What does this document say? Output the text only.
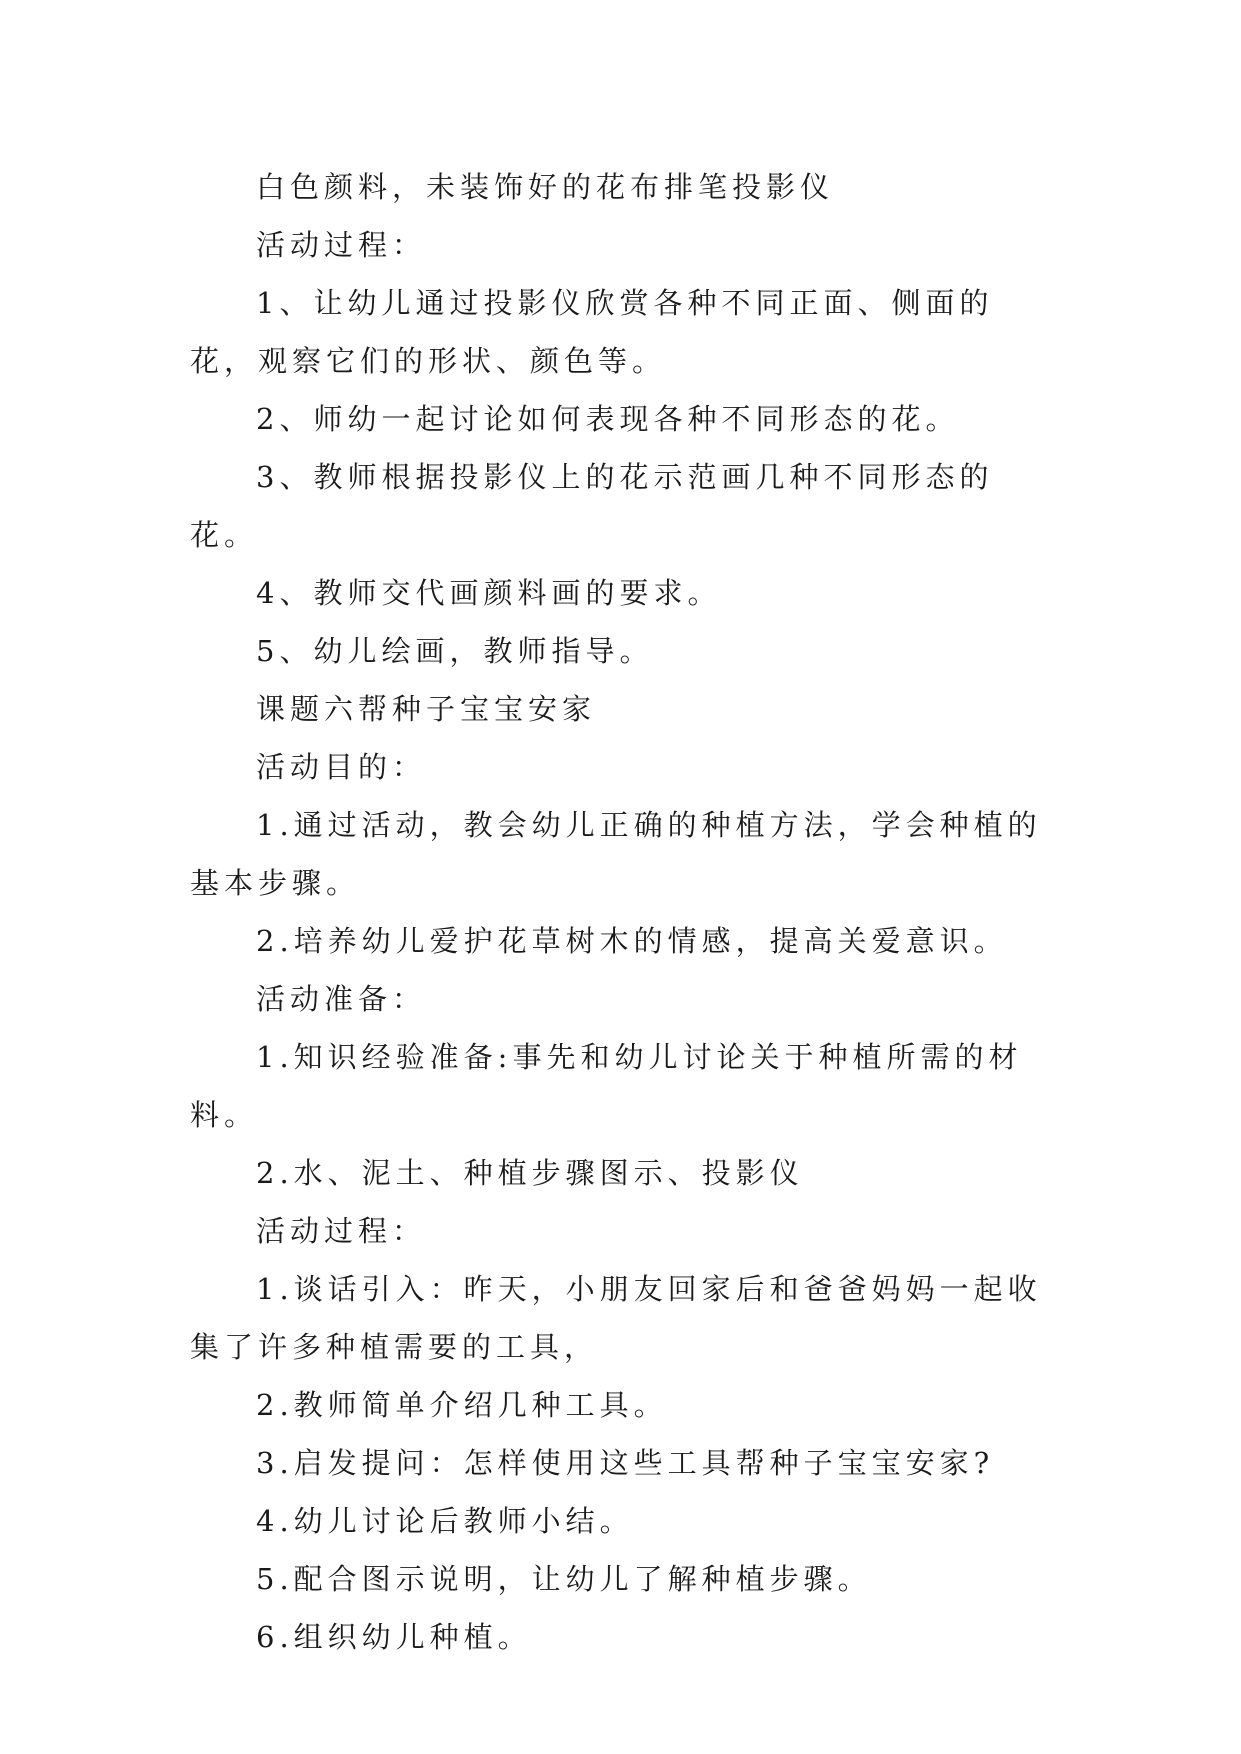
白色颜料，未装饰好的花布排笔投影仪

活动过程：

1、让幼儿通过投影仪欣赏各种不同正面、侧面的花，观察它们的形状、颜色等。

2、师幼一起讨论如何表现各种不同形态的花。

3、教师根据投影仪上的花示范画几种不同形态的花。

4、教师交代画颜料画的要求。

5、幼儿绘画，教师指导。

课题六帮种子宝宝安家

活动目的：

1.通过活动，教会幼儿正确的种植方法，学会种植的基本步骤。

2.培养幼儿爱护花草树木的情感，提高关爱意识。

活动准备：

1.知识经验准备:事先和幼儿讨论关于种植所需的材料。

2.水、泥土、种植步骤图示、投影仪

活动过程：

1.谈话引入：昨天，小朋友回家后和爸爸妈妈一起收集了许多种植需要的工具，

2.教师简单介绍几种工具。

3.启发提问：怎样使用这些工具帮种子宝宝安家?

4.幼儿讨论后教师小结。

5.配合图示说明，让幼儿了解种植步骤。

6.组织幼儿种植。
